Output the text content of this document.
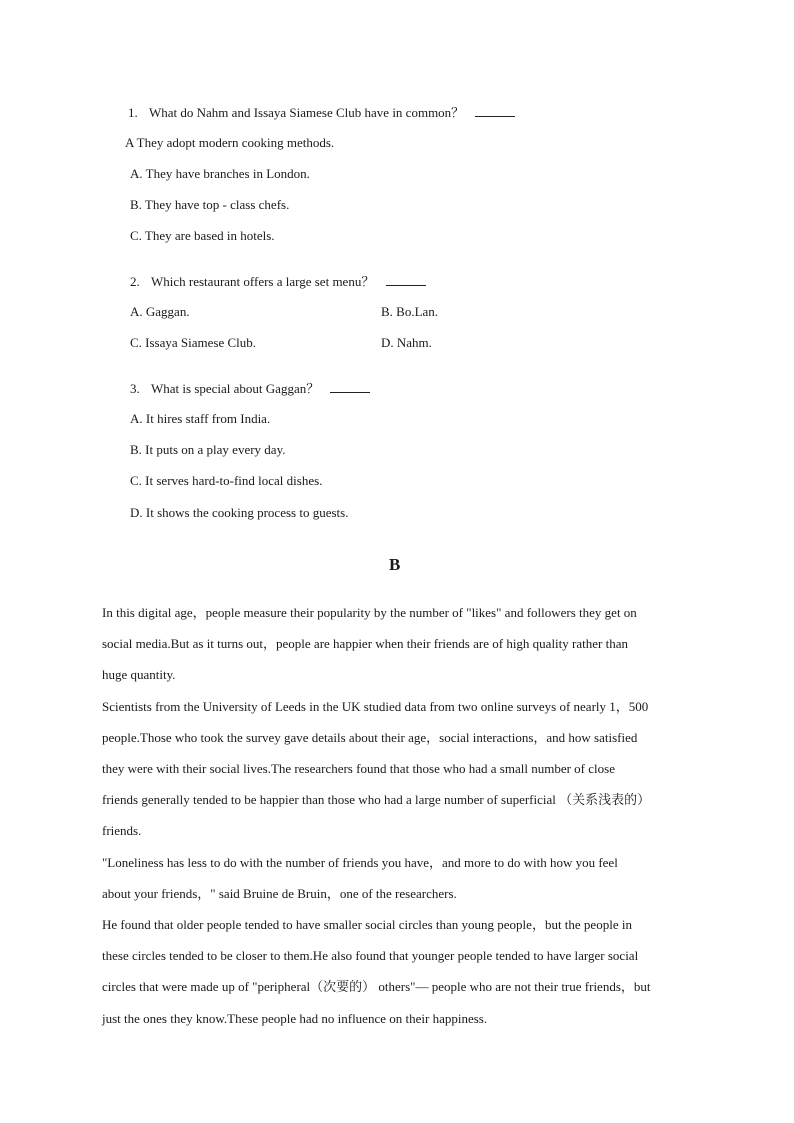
1. What do Nahm and Issaya Siamese Club have in common？
A They adopt modern cooking methods.
A. They have branches in London.
B. They have top - class chefs.
C. They are based in hotels.
2. Which restaurant offers a large set menu？
A. Gaggan.	B. Bo.Lan.
C. Issaya Siamese Club.	D. Nahm.
3. What is special about Gaggan？
A. It hires staff from India.
B. It puts on a play every day.
C. It serves hard-to-find local dishes.
D. It shows the cooking process to guests.
B
In this digital age，people measure their popularity by the number of "likes" and followers they get on
social media.But as it turns out，people are happier when their friends are of high quality rather than
huge quantity.
Scientists from the University of Leeds in the UK studied data from two online surveys of nearly 1，500
people.Those who took the survey gave details about their age，social interactions，and how satisfied
they were with their social lives.The researchers found that those who had a small number of close
friends generally tended to be happier than those who had a large number of superficial （关系浅表的）
friends.
"Loneliness has less to do with the number of friends you have，and more to do with how you feel
about your friends，" said Bruine de Bruin，one of the researchers.
He found that older people tended to have smaller social circles than young people，but the people in
these circles tended to be closer to them.He also found that younger people tended to have larger social
circles that were made up of "peripheral（次要的） others"— people who are not their true friends，but
just the ones they know.These people had no influence on their happiness.
